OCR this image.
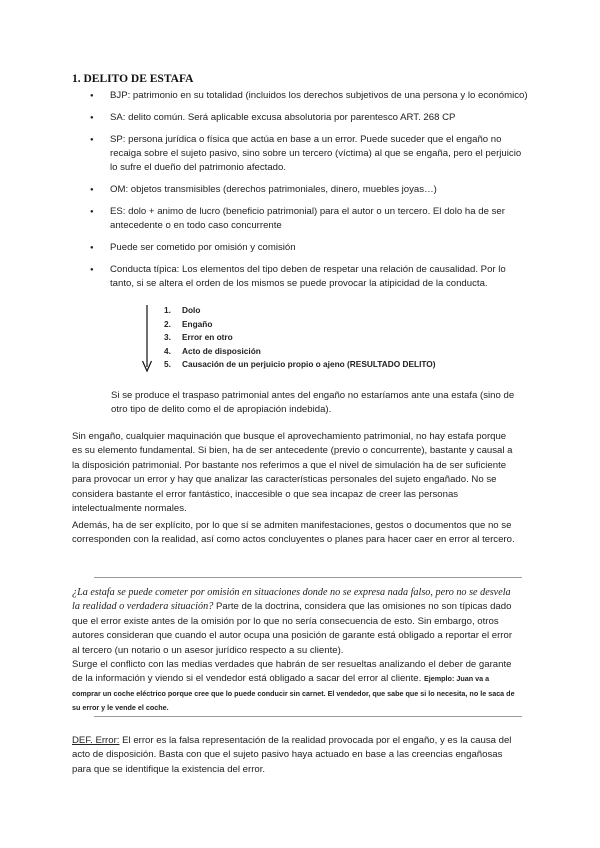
1. DELITO DE ESTAFA
● BJP: patrimonio en su totalidad (incluidos los derechos subjetivos de una persona y lo económico)
● SA: delito común. Será aplicable excusa absolutoria por parentesco ART. 268 CP
● SP: persona jurídica o física que actúa en base a un error. Puede suceder que el engaño no recaiga sobre el sujeto pasivo, sino sobre un tercero (víctima) al que se engaña, pero el perjuicio lo sufre el dueño del patrimonio afectado.
● OM: objetos transmisibles (derechos patrimoniales, dinero, muebles joyas…)
● ES: dolo + animo de lucro (beneficio patrimonial) para el autor o un tercero. El dolo ha de ser antecedente o en todo caso concurrente
● Puede ser cometido por omisión y comisión
● Conducta típica: Los elementos del tipo deben de respetar una relación de causalidad. Por lo tanto, si se altera el orden de los mismos se puede provocar la atipicidad de la conducta.
1. Dolo
2. Engaño
3. Error en otro
4. Acto de disposición
5. Causación de un perjuicio propio o ajeno (RESULTADO DELITO)
Si se produce el traspaso patrimonial antes del engaño no estaríamos ante una estafa (sino de otro tipo de delito como el de apropiación indebida).

Sin engaño, cualquier maquinación que busque el aprovechamiento patrimonial, no hay estafa porque es su elemento fundamental. Si bien, ha de ser antecedente (previo o concurrente), bastante y causal a la disposición patrimonial. Por bastante nos referimos a que el nivel de simulación ha de ser suficiente para provocar un error y hay que analizar las características personales del sujeto engañado. No se considera bastante el error fantástico, inaccesible o que sea incapaz de creer las personas intelectualmente normales.

Además, ha de ser explícito, por lo que sí se admiten manifestaciones, gestos o documentos que no se corresponden con la realidad, así como actos concluyentes o planes para hacer caer en error al tercero.

¿La estafa se puede cometer por omisión en situaciones donde no se expresa nada falso, pero no se desvela la realidad o verdadera situación? Parte de la doctrina, considera que las omisiones no son típicas dado que el error existe antes de la omisión por lo que no sería consecuencia de esto. Sin embargo, otros autores consideran que cuando el autor ocupa una posición de garante está obligado a reportar el error al tercero (un notario o un asesor jurídico respecto a su cliente).
Surge el conflicto con las medias verdades que habrán de ser resueltas analizando el deber de garante de la información y viendo si el vendedor está obligado a sacar del error al cliente. Ejemplo: Juan va a comprar un coche eléctrico porque cree que lo puede conducir sin carnet. El vendedor, que sabe que si lo necesita, no le saca de su error y le vende el coche.

DEF. Error: El error es la falsa representación de la realidad provocada por el engaño, y es la causa del acto de disposición. Basta con que el sujeto pasivo haya actuado en base a las creencias engañosas para que se identifique la existencia del error.
